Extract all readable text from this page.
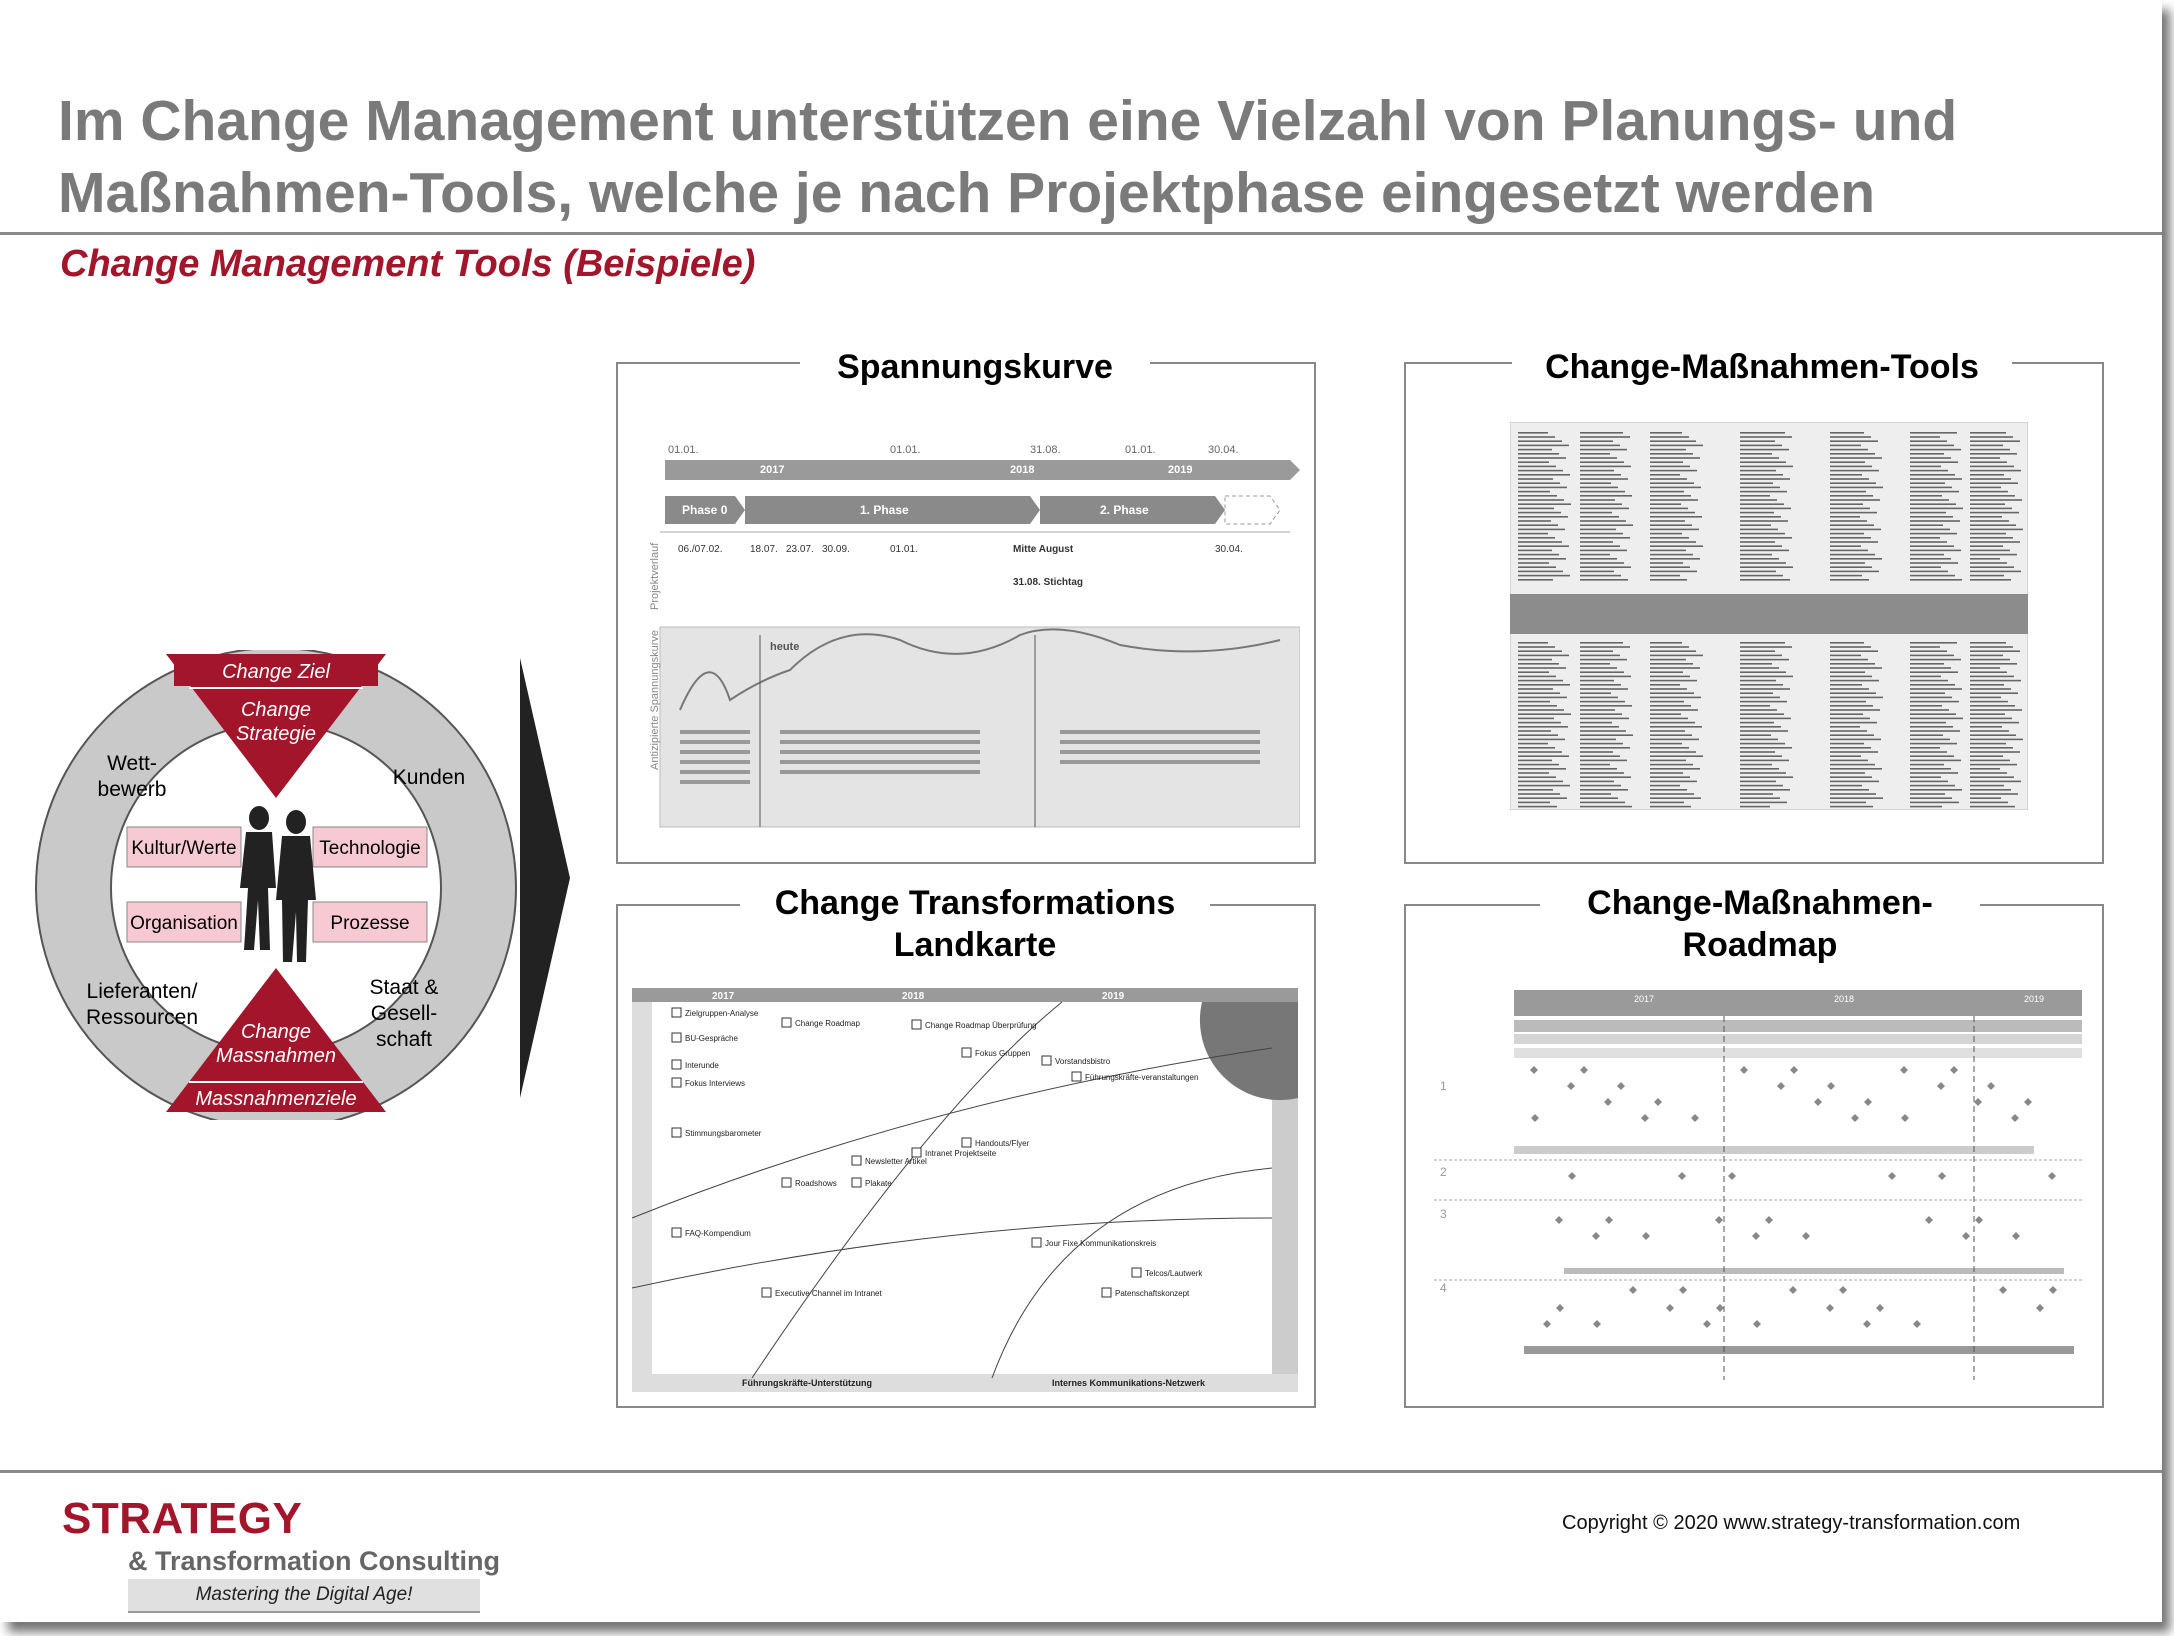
Im Change Management unterstützen eine Vielzahl von Planungs- und Maßnahmen-Tools, welche je nach Projektphase eingesetzt werden
Change Management Tools (Beispiele)
Change Ziel
Change
Strategie
Change
Massnahmen
Massnahmenziele
Wett-
bewerb
Kunden
Lieferanten/
Ressourcen
Staat &
Gesell-
schaft
Kultur/Werte	Technologie
Organisation	Prozesse
Spannungskurve
01.01.	01.01.	31.08.	01.01.	30.04.
2017	2018	2019
Phase 0	1. Phase	2. Phase
06./07.02.	18.07. 23.07. 30.09.	01.01.	Mitte August	30.04.
31.08. Stichtag
heute
Projektverlauf
Antizipierte Spannungskurve
Change-Maßnahmen-Tools
Change Transformations Landkarte
2017	2018	2019
Führungskräfte-Unterstützung	Internes Kommunikations-Netzwerk
Zielgruppen-Analyse
Change Roadmap
BU-Gespräche
Interunde
Fokus Interviews
Change Roadmap Überprüfung
Fokus Gruppen
Vorstandsbistro
Stimmungsbarometer
Intranet Projektseite
Newsletter Artikel
Roadshows	Plakate
Handouts/Flyer
FAQ-Kompendium
Executive Channel im Intranet
Jour Fixe Kommunikationskreis
Führungskräfte-veranstaltungen
Telcos/Lautwerk
Patenschaftskonzept
Change-Maßnahmen- Roadmap
2017	2018	2019
1
2
3
4
STRATEGY
& Transformation Consulting
Mastering the Digital Age!
Copyright © 2020 www.strategy-transformation.com
